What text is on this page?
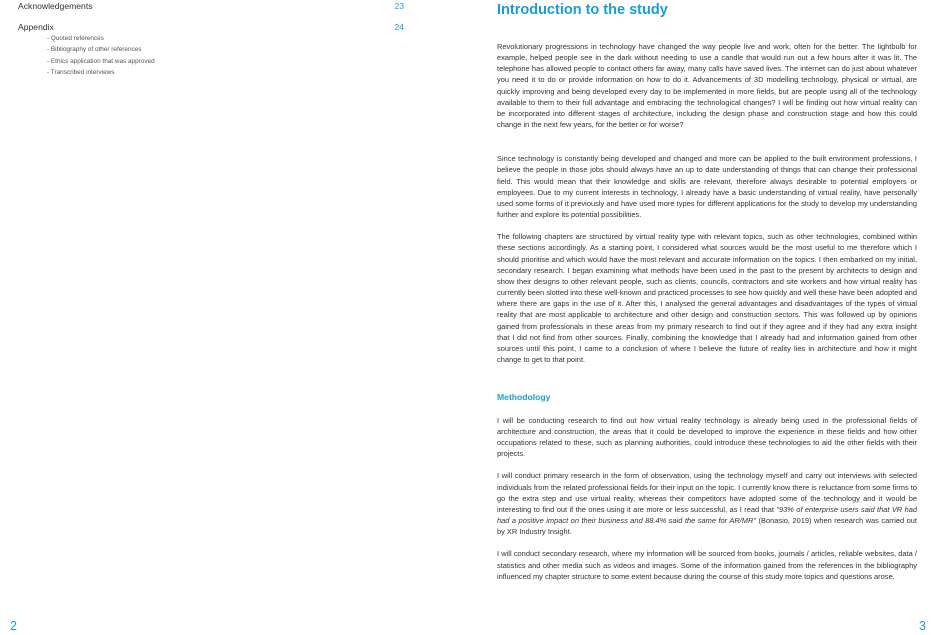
Acknowledgements	23
Appendix	24
- Quoted references
- Bibliography of other references
- Ethics application that was approved
- Transcribed interviews
2
Introduction to the study

Revolutionary progressions in technology have changed the way people live and work, often for the better. The lightbulb for example, helped people see in the dark without needing to use a candle that would run out a few hours after it was lit. The telephone has allowed people to contact others far away, many calls have saved lives. The internet can do just about whatever you need it to do or provide information on how to do it. Advancements of 3D modelling technology, physical or virtual, are quickly improving and being developed every day to be implemented in more fields, but are people using all of the technology available to them to their full advantage and embracing the technological changes? I will be finding out how virtual reality can be incorporated into different stages of architecture, including the design phase and construction stage and how this could change in the next few years, for the better or for worse?

Since technology is constantly being developed and changed and more can be applied to the built environment professions, I believe the people in those jobs should always have an up to date understanding of things that can change their professional field. This would mean that their knowledge and skills are relevant, therefore always desirable to potential employers or employees. Due to my current interests in technology, I already have a basic understanding of virtual reality, have personally used some forms of it previously and have used more types for different applications for the study to develop my understanding further and explore its potential possibilities.

The following chapters are structured by virtual reality type with relevant topics, such as other technologies, combined within these sections accordingly. As a starting point, I considered what sources would be the most useful to me therefore which I should prioritise and which would have the most relevant and accurate information on the topics. I then embarked on my initial, secondary research. I began examining what methods have been used in the past to the present by architects to design and show their designs to other relevant people, such as clients, councils, contractors and site workers and how virtual reality has currently been slotted into these well-known and practiced processes to see how quickly and well these have been adopted and where there are gaps in the use of it. After this, I analysed the general advantages and disadvantages of the types of virtual reality that are most applicable to architecture and other design and construction sectors. This was followed up by opinions gained from professionals in these areas from my primary research to find out if they agree and if they had any extra insight that I did not find from other sources. Finally, combining the knowledge that I already had and information gained from other sources until this point, I came to a conclusion of where I believe the future of reality lies in architecture and how it might change to get to that point.

Methodology

I will be conducting research to find out how virtual reality technology is already being used in the professional fields of architecture and construction, the areas that it could be developed to improve the experience in these fields and how other occupations related to these, such as planning authorities, could introduce these technologies to aid the other fields with their projects.

I will conduct primary research in the form of observation, using the technology myself and carry out interviews with selected individuals from the related professional fields for their input on the topic. I currently know there is reluctance from some firms to go the extra step and use virtual reality, whereas their competitors have adopted some of the technology and it would be interesting to find out if the ones using it are more or less successful, as I read that "93% of enterprise users said that VR had had a positive impact on their business and 88.4% said the same for AR/MR" (Bonasio, 2019) when research was carried out by XR Industry Insight.

I will conduct secondary research, where my information will be sourced from books, journals / articles, reliable websites, data / statistics and other media such as videos and images. Some of the information gained from the references in the bibliography influenced my chapter structure to some extent because during the course of this study more topics and questions arose.

3
